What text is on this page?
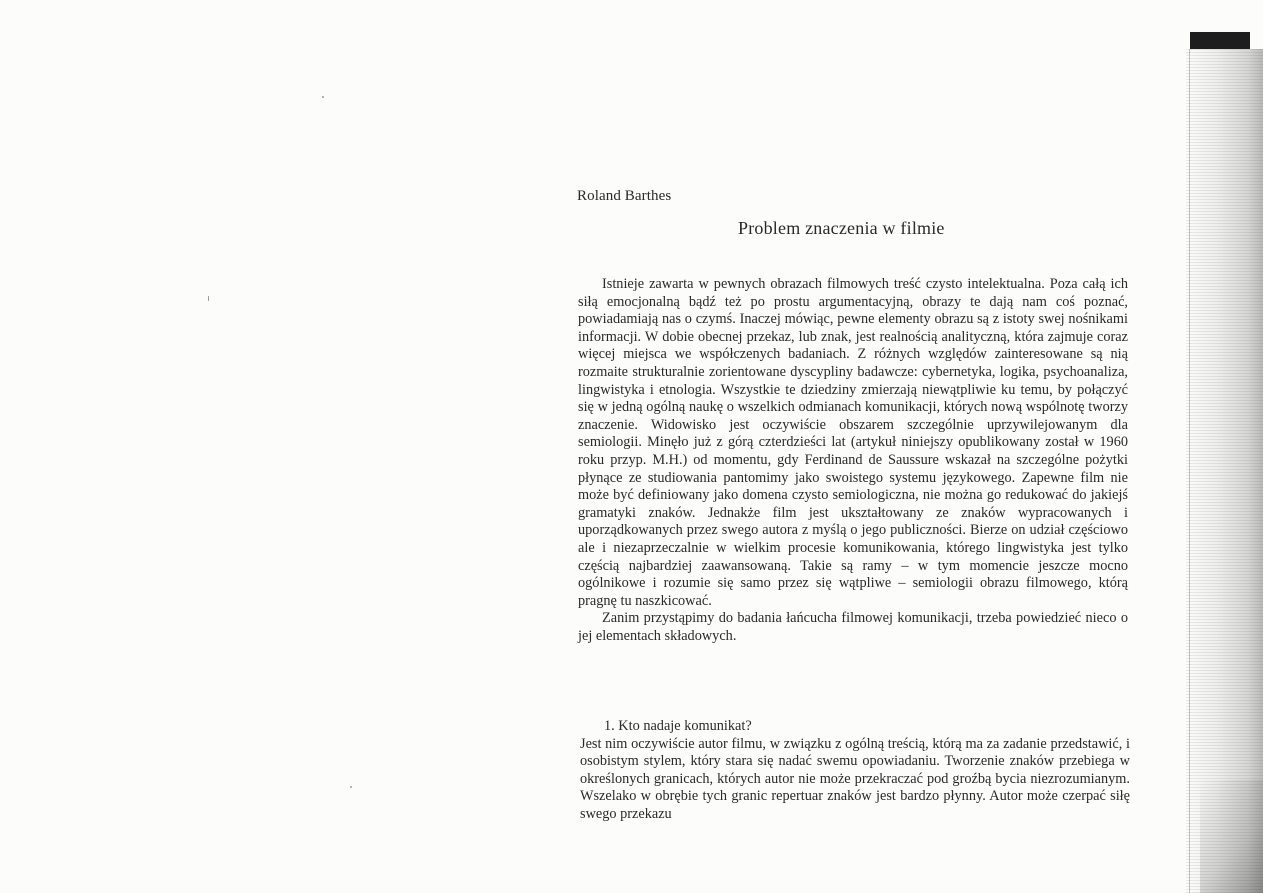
Roland Barthes
Problem znaczenia w filmie

Istnieje zawarta w pewnych obrazach filmowych treść czysto intelektualna. Poza całą ich siłą emocjonalną bądź też po prostu argumentacyjną, obrazy te dają nam coś poznać, powiadamiają nas o czymś. Inaczej mówiąc, pewne elementy obrazu są z istoty swej nośnikami informacji. W dobie obecnej przekaz, lub znak, jest realnością analityczną, która zajmuje coraz więcej miejsca we współczenych badaniach. Z różnych względów zainteresowane są nią rozmaite strukturalnie zorientowane dyscypliny badawcze: cybernetyka, logika, psychoanaliza, lingwistyka i etnologia. Wszystkie te dziedziny zmierzają niewątpliwie ku temu, by połączyć się w jedną ogólną naukę o wszelkich odmianach komunikacji, których nową wspólnotę tworzy znaczenie. Widowisko jest oczywiście obszarem szczególnie uprzywilejowanym dla semiologii. Minęło już z górą czterdzieści lat (artykuł niniejszy opublikowany został w 1960 roku przyp. M.H.) od momentu, gdy Ferdinand de Saussure wskazał na szczególne pożytki płynące ze studiowania pantomimy jako swoistego systemu językowego. Zapewne film nie może być definiowany jako domena czysto semiologiczna, nie można go redukować do jakiejś gramatyki znaków. Jednakże film jest ukształtowany ze znaków wypracowanych i uporządkowanych przez swego autora z myślą o jego publiczności. Bierze on udział częściowo ale i niezaprzeczalnie w wielkim procesie komunikowania, którego lingwistyka jest tylko częścią najbardziej zaawansowaną. Takie są ramy – w tym momencie jeszcze mocno ogólnikowe i rozumie się samo przez się wątpliwe – semiologii obrazu filmowego, którą pragnę tu naszkicować.

Zanim przystąpimy do badania łańcucha filmowej komunikacji, trzeba powiedzieć nieco o jej elementach składowych.

1. Kto nadaje komunikat?

Jest nim oczywiście autor filmu, w związku z ogólną treścią, którą ma za zadanie przedstawić, i osobistym stylem, który stara się nadać swemu opowiadaniu. Tworzenie znaków przebiega w określonych granicach, których autor nie może przekraczać pod groźbą bycia niezrozumianym. Wszelako w obrębie tych granic repertuar znaków jest bardzo płynny. Autor może czerpać siłę swego przekazu
